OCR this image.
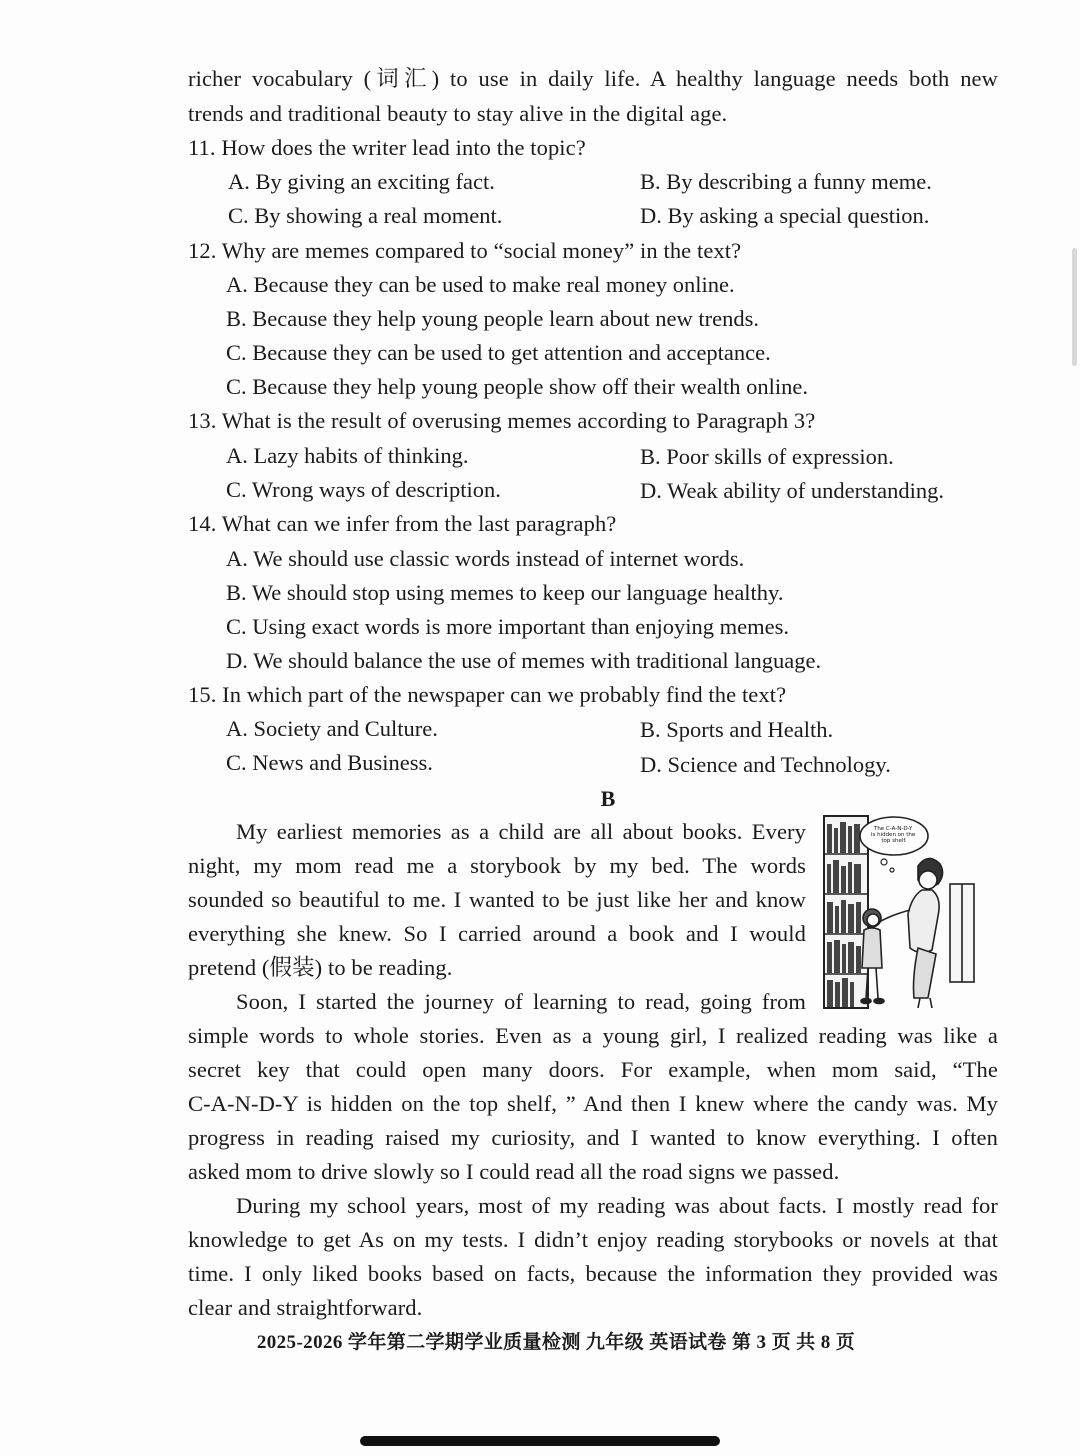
richer vocabulary (词汇) to use in daily life. A healthy language needs both new
trends and traditional beauty to stay alive in the digital age.
11. How does the writer lead into the topic?
A. By giving an exciting fact.	B. By describing a funny meme.
C. By showing a real moment.	D. By asking a special question.
12. Why are memes compared to “social money” in the text?
A. Because they can be used to make real money online.
B. Because they help young people learn about new trends.
C. Because they can be used to get attention and acceptance.
C. Because they help young people show off their wealth online.
13. What is the result of overusing memes according to Paragraph 3?
A. Lazy habits of thinking.	B. Poor skills of expression.
C. Wrong ways of description.	D. Weak ability of understanding.
14. What can we infer from the last paragraph?
A. We should use classic words instead of internet words.
B. We should stop using memes to keep our language healthy.
C. Using exact words is more important than enjoying memes.
D. We should balance the use of memes with traditional language.
15. In which part of the newspaper can we probably find the text?
A. Society and Culture.	B. Sports and Health.
C. News and Business.	D. Science and Technology.
B
My earliest memories as a child are all about books. Every
night, my mom read me a storybook by my bed. The words
sounded so beautiful to me. I wanted to be just like her and know
everything she knew. So I carried around a book and I would
pretend (假装) to be reading.
The C-A-N-D-Y is hidden on the top shelf.
Soon, I started the journey of learning to read, going from
simple words to whole stories. Even as a young girl, I realized reading was like a
secret key that could open many doors. For example, when mom said, “The
C-A-N-D-Y is hidden on the top shelf, ” And then I knew where the candy was. My
progress in reading raised my curiosity, and I wanted to know everything. I often
asked mom to drive slowly so I could read all the road signs we passed.
During my school years, most of my reading was about facts. I mostly read for
knowledge to get As on my tests. I didn’t enjoy reading storybooks or novels at that
time. I only liked books based on facts, because the information they provided was
clear and straightforward.
2025-2026 学年第二学期学业质量检测 九年级 英语试卷 第 3 页 共 8 页
